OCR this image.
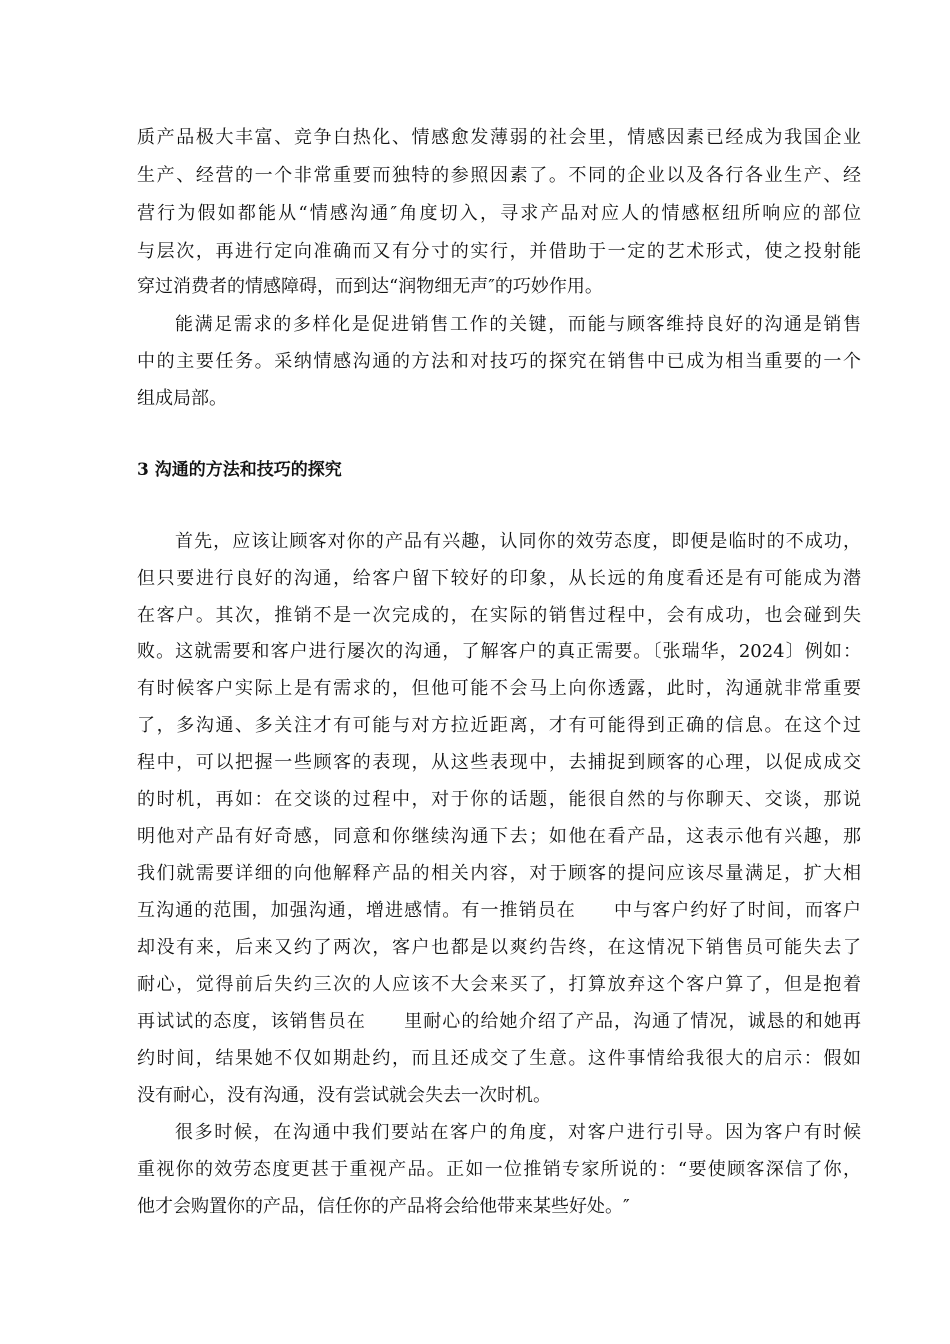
质产品极大丰富、竞争白热化、情感愈发薄弱的社会里，情感因素已经成为我国企业
生产、经营的一个非常重要而独特的参照因素了。不同的企业以及各行各业生产、经
营行为假如都能从“情感沟通″角度切入，寻求产品对应人的情感枢纽所响应的部位
与层次，再进行定向准确而又有分寸的实行，并借助于一定的艺术形式，使之投射能
穿过消费者的情感障碍，而到达“润物细无声″的巧妙作用。
能满足需求的多样化是促进销售工作的关键，而能与顾客维持良好的沟通是销售
中的主要任务。采纳情感沟通的方法和对技巧的探究在销售中已成为相当重要的一个
组成局部。
3 沟通的方法和技巧的探究
首先，应该让顾客对你的产品有兴趣，认同你的效劳态度，即便是临时的不成功，
但只要进行良好的沟通，给客户留下较好的印象，从长远的角度看还是有可能成为潜
在客户。其次，推销不是一次完成的，在实际的销售过程中，会有成功，也会碰到失
败。这就需要和客户进行屡次的沟通，了解客户的真正需要。〔张瑞华，2024〕例如：
有时候客户实际上是有需求的，但他可能不会马上向你透露，此时，沟通就非常重要
了，多沟通、多关注才有可能与对方拉近距离，才有可能得到正确的信息。在这个过
程中，可以把握一些顾客的表现，从这些表现中，去捕捉到顾客的心理，以促成成交
的时机，再如：在交谈的过程中，对于你的话题，能很自然的与你聊天、交谈，那说
明他对产品有好奇感，同意和你继续沟通下去；如他在看产品，这表示他有兴趣，那
我们就需要详细的向他解释产品的相关内容，对于顾客的提问应该尽量满足，扩大相
互沟通的范围，加强沟通，增进感情。有一推销员在　　中与客户约好了时间，而客户
却没有来，后来又约了两次，客户也都是以爽约告终，在这情况下销售员可能失去了
耐心，觉得前后失约三次的人应该不大会来买了，打算放弃这个客户算了，但是抱着
再试试的态度，该销售员在　　里耐心的给她介绍了产品，沟通了情况，诚恳的和她再
约时间，结果她不仅如期赴约，而且还成交了生意。这件事情给我很大的启示：假如
没有耐心，没有沟通，没有尝试就会失去一次时机。
很多时候，在沟通中我们要站在客户的角度，对客户进行引导。因为客户有时候
重视你的效劳态度更甚于重视产品。正如一位推销专家所说的：“要使顾客深信了你，
他才会购置你的产品，信任你的产品将会给他带来某些好处。″
